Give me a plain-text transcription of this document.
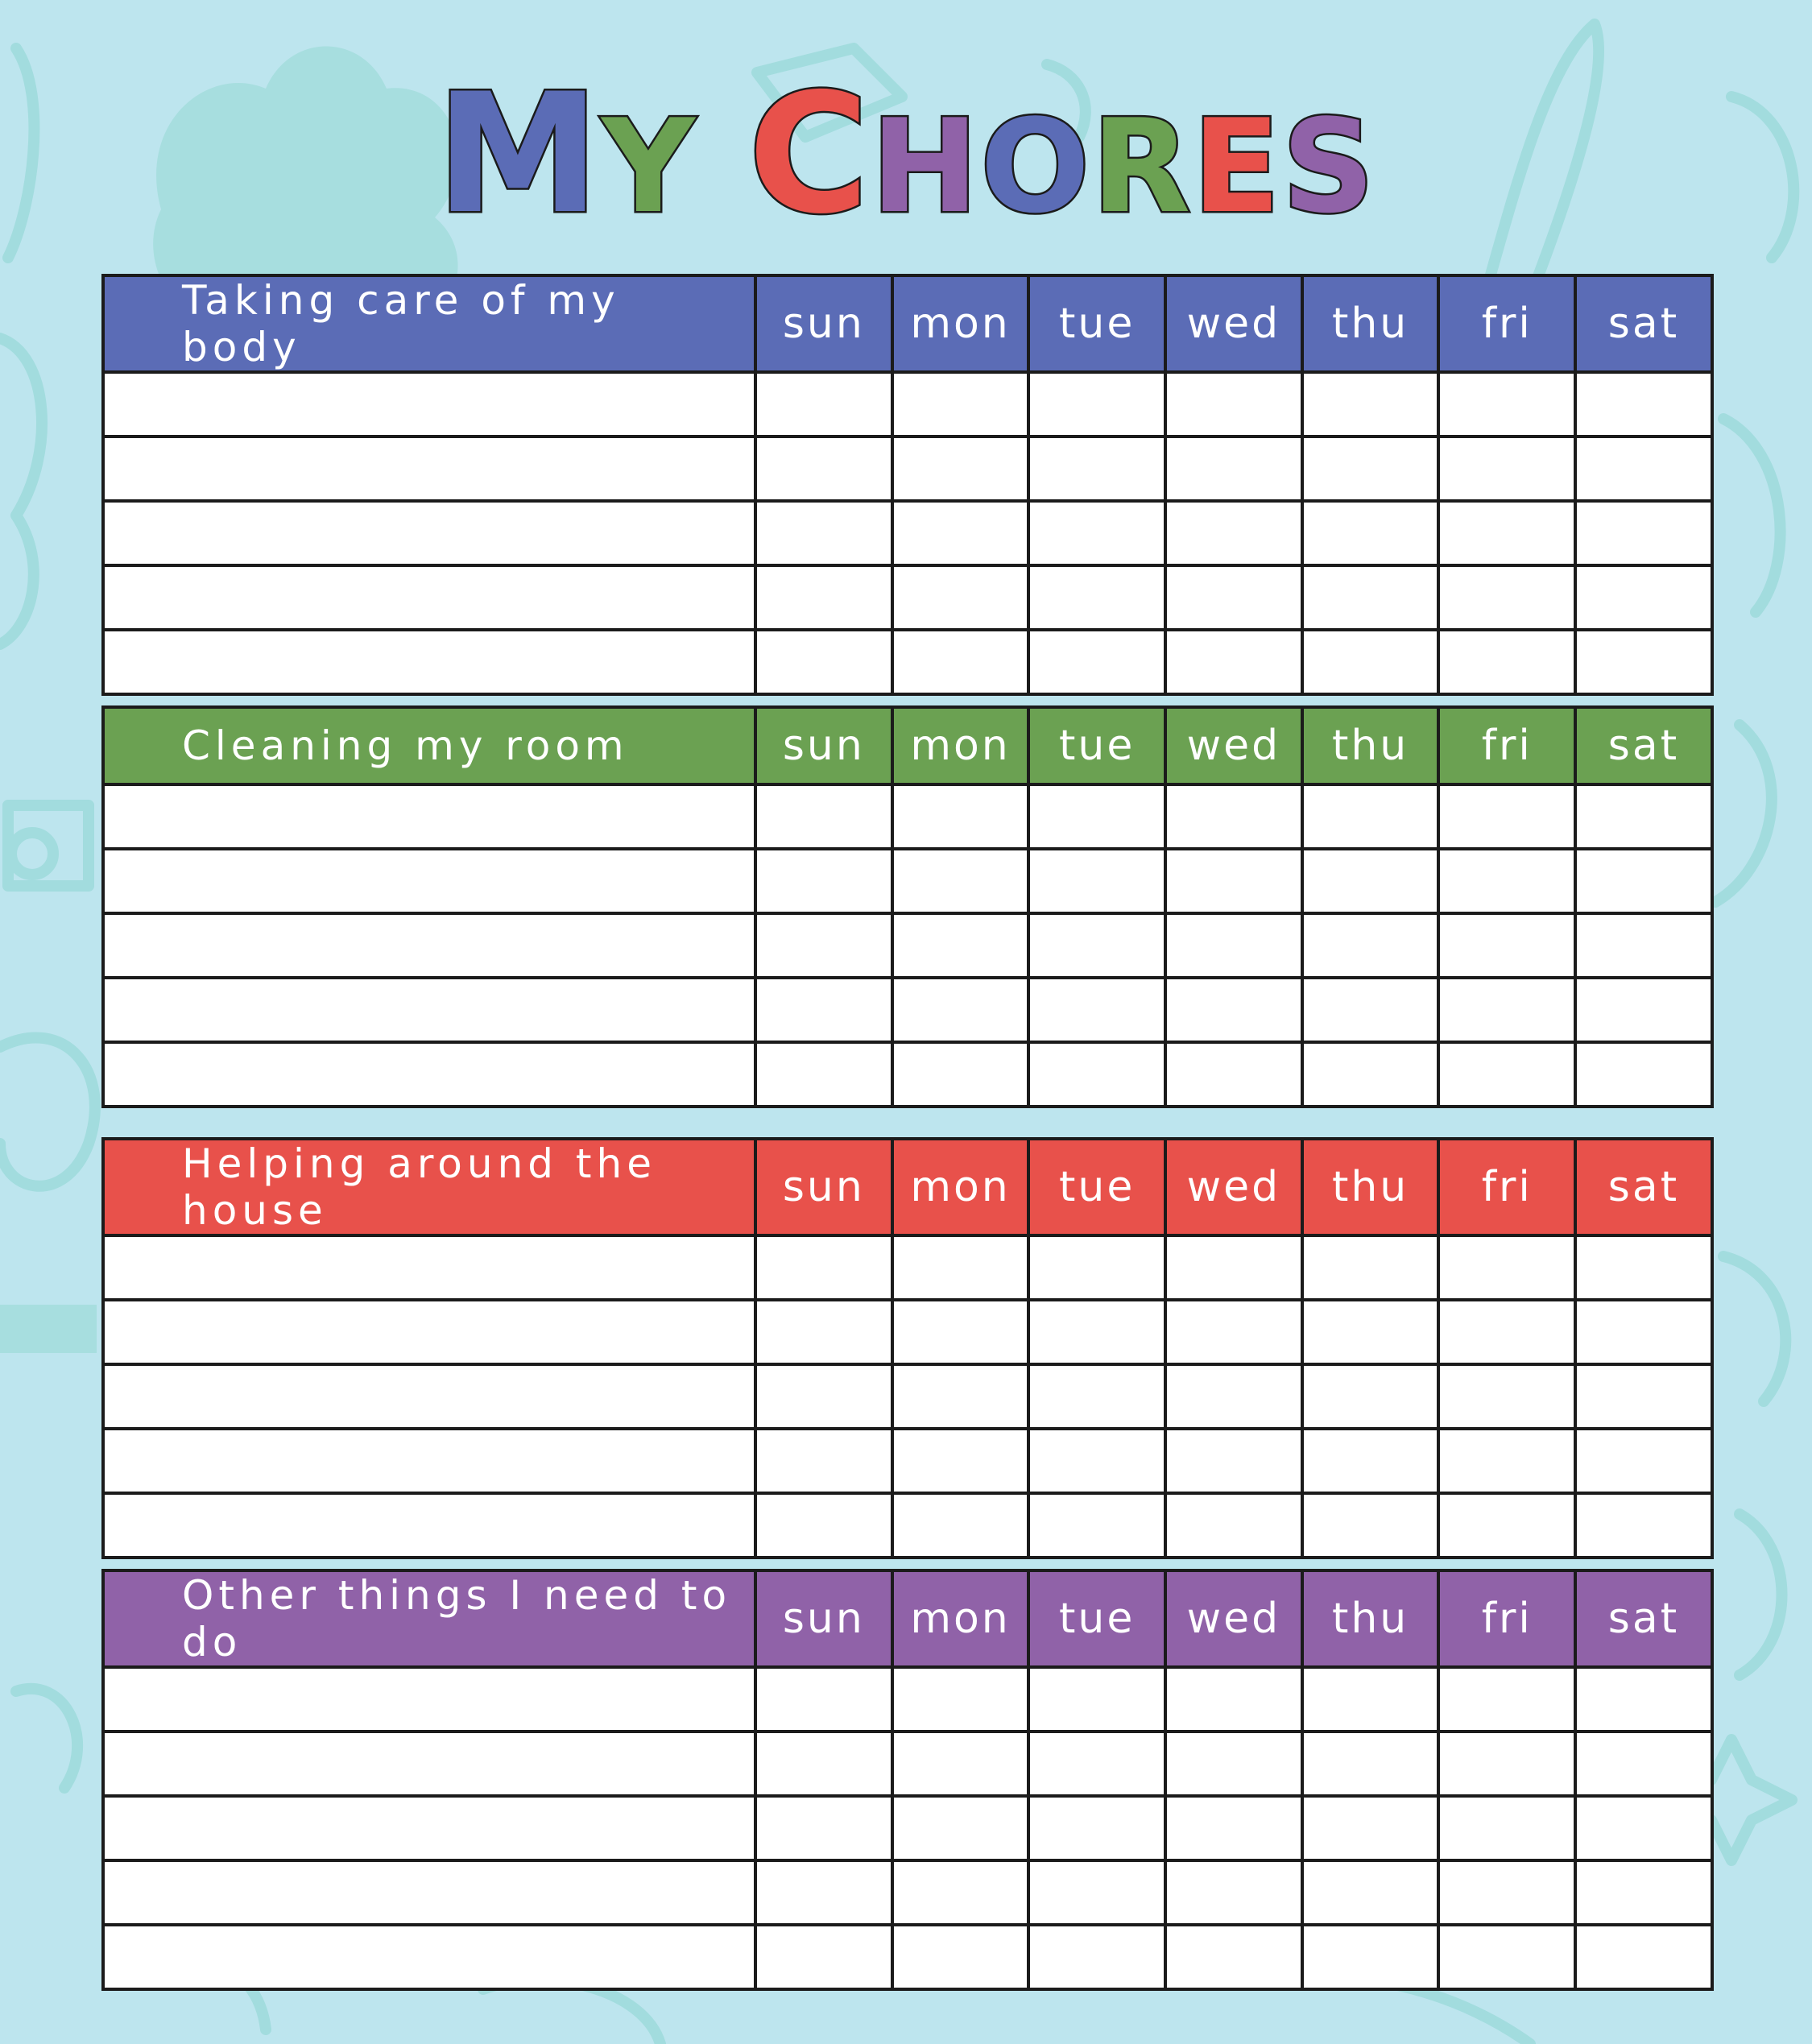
MY CHORES
Taking care of my body	sun	mon	tue	wed	thu	fri	sat

Cleaning my room	sun	mon	tue	wed	thu	fri	sat

Helping around the house	sun	mon	tue	wed	thu	fri	sat

Other things I need to do	sun	mon	tue	wed	thu	fri	sat
